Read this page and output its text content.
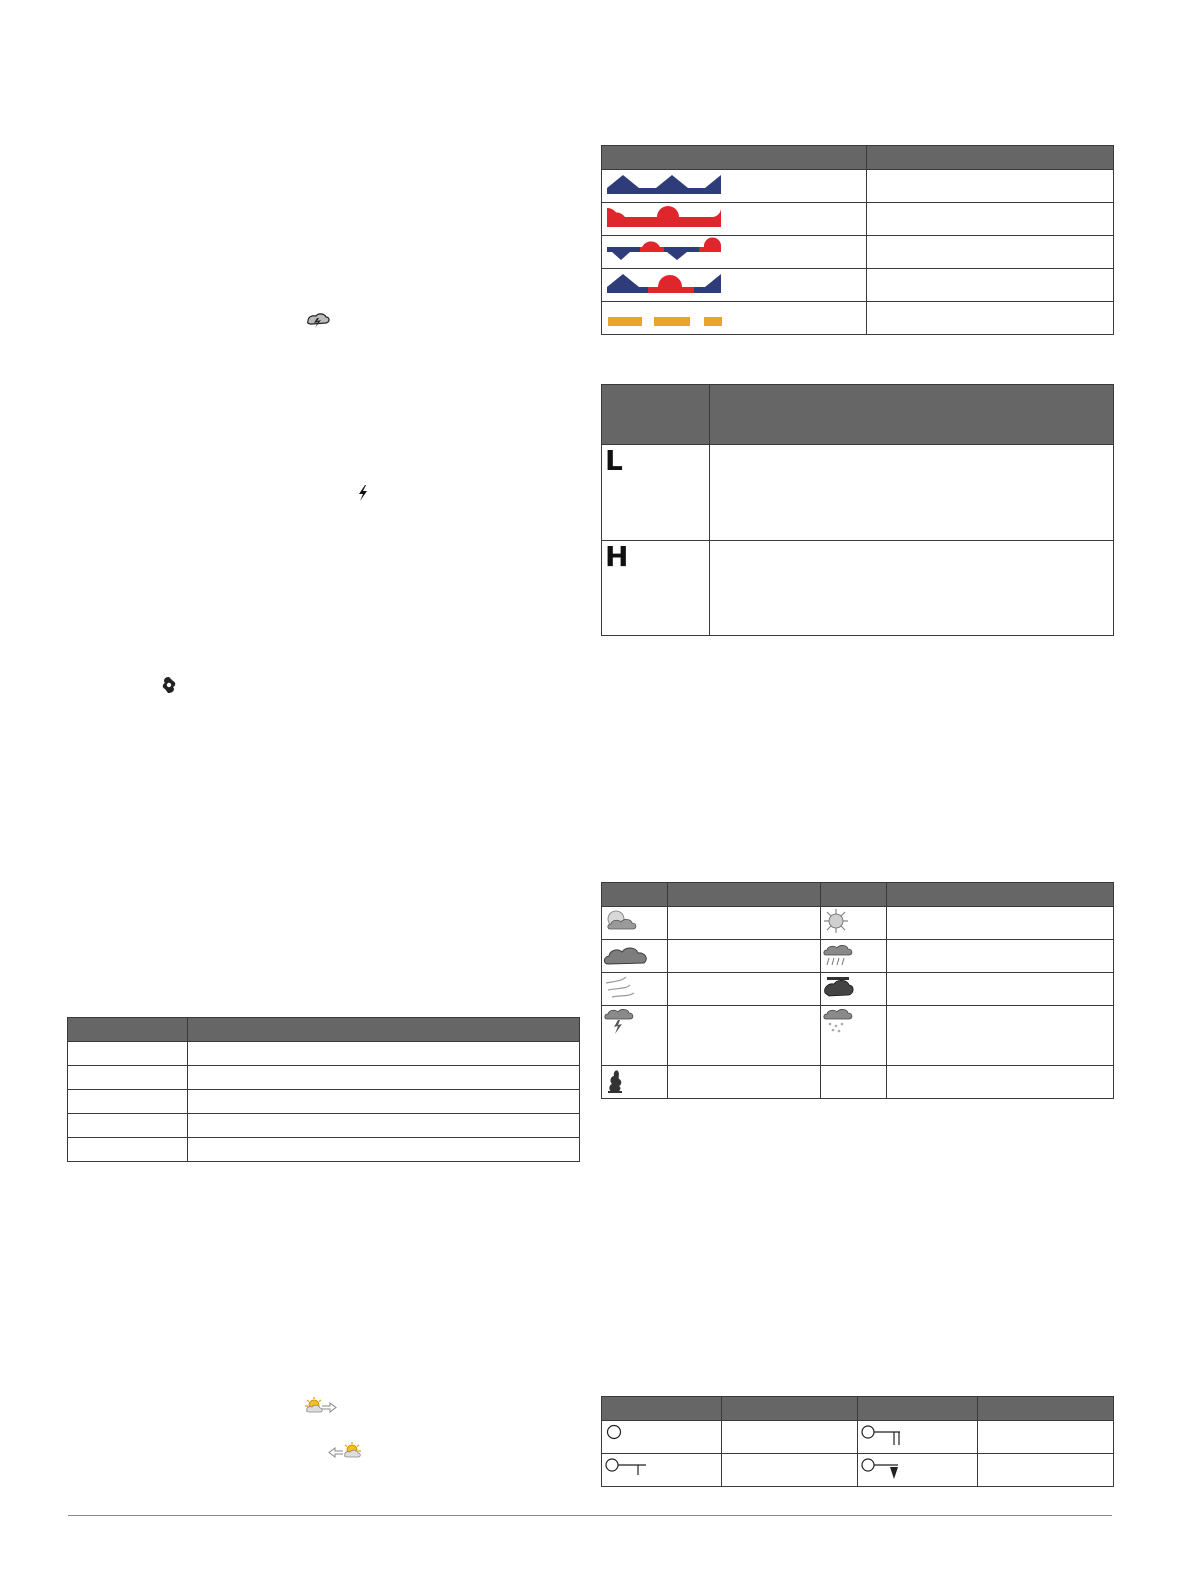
L	

H	
